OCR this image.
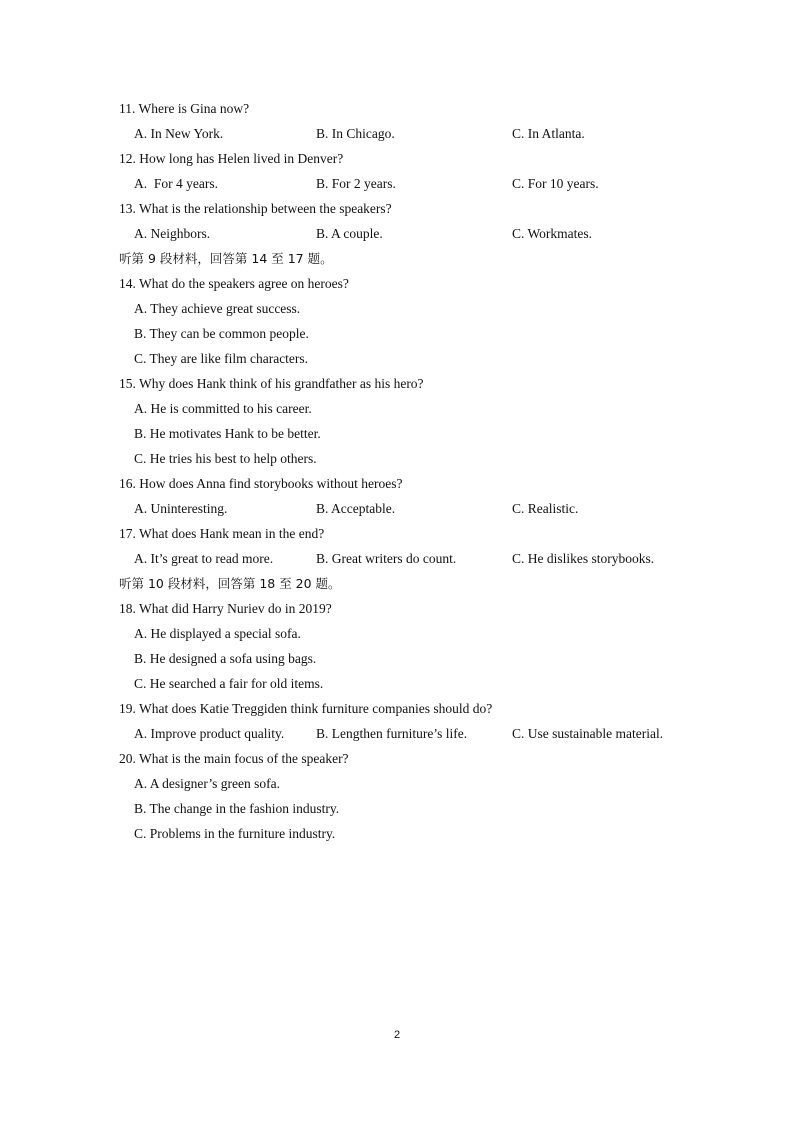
11. Where is Gina now?
A. In New York.	B. In Chicago.	C. In Atlanta.
12. How long has Helen lived in Denver?
A.  For 4 years.	B. For 2 years.	C. For 10 years.
13. What is the relationship between the speakers?
A. Neighbors.	B. A couple.	C. Workmates.
听第 9 段材料，回答第 14 至 17 题。
14. What do the speakers agree on heroes?
A. They achieve great success.
B. They can be common people.
C. They are like film characters.
15. Why does Hank think of his grandfather as his hero?
A. He is committed to his career.
B. He motivates Hank to be better.
C. He tries his best to help others.
16. How does Anna find storybooks without heroes?
A. Uninteresting.	B. Acceptable.	C. Realistic.
17. What does Hank mean in the end?
A. It’s great to read more.	B. Great writers do count.	C. He dislikes storybooks.
听第 10 段材料，回答第 18 至 20 题。
18. What did Harry Nuriev do in 2019?
A. He displayed a special sofa.
B. He designed a sofa using bags.
C. He searched a fair for old items.
19. What does Katie Treggiden think furniture companies should do?
A. Improve product quality. B. Lengthen furniture’s life.	C. Use sustainable material.
20. What is the main focus of the speaker?
A. A designer’s green sofa.
B. The change in the fashion industry.
C. Problems in the furniture industry.
2
